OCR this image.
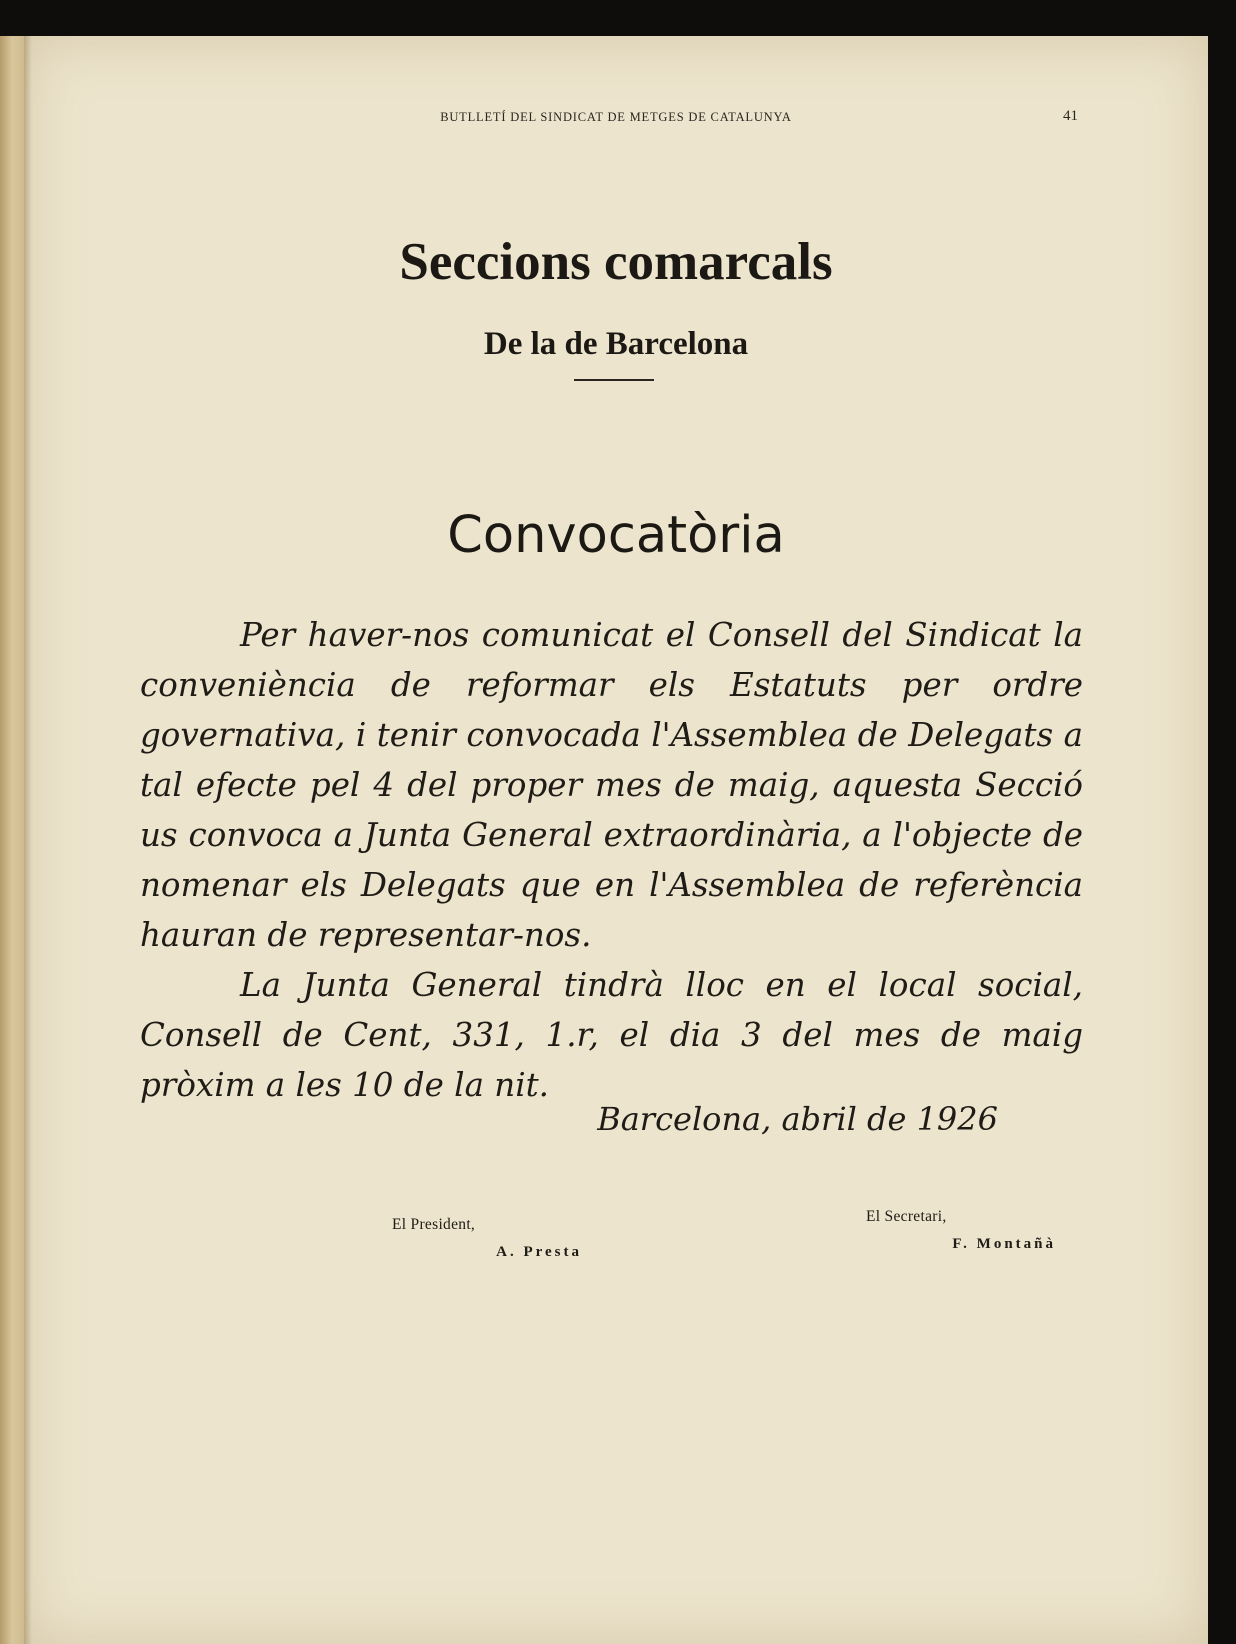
BUTLLETÍ DEL SINDICAT DE METGES DE CATALUNYA	41
Seccions comarcals
De la de Barcelona
Convocatòria

Per haver-nos comunicat el Consell del Sindicat la conveniència de reformar els Estatuts per ordre governativa, i tenir convocada l'Assemblea de Delegats a tal efecte pel 4 del proper mes de maig, aquesta Secció us convoca a Junta General extraordinària, a l'objecte de nomenar els Delegats que en l'Assemblea de referència hauran de representar-nos.

La Junta General tindrà lloc en el local social, Consell de Cent, 331, 1.r, el dia 3 del mes de maig pròxim a les 10 de la nit.

Barcelona, abril de 1926
El President,
A. Presta
El Secretari,
F. Montañà
